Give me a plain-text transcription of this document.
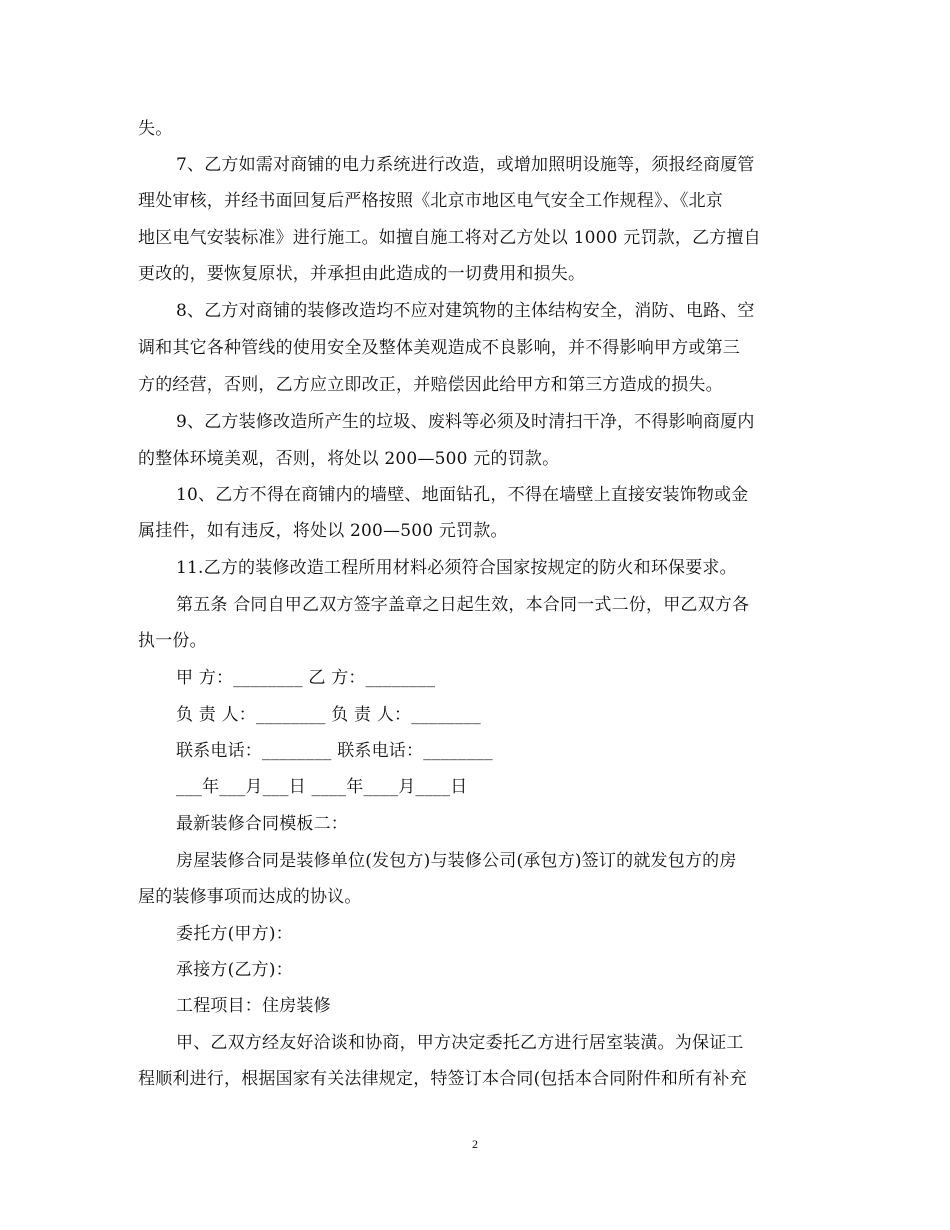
失。
7、乙方如需对商铺的电力系统进行改造，或增加照明设施等，须报经商厦管
理处审核，并经书面回复后严格按照《北京市地区电气安全工作规程》、《北京
地区电气安装标准》进行施工。如擅自施工将对乙方处以 1000 元罚款，乙方擅自
更改的，要恢复原状，并承担由此造成的一切费用和损失。
8、乙方对商铺的装修改造均不应对建筑物的主体结构安全，消防、电路、空
调和其它各种管线的使用安全及整体美观造成不良影响，并不得影响甲方或第三
方的经营，否则，乙方应立即改正，并赔偿因此给甲方和第三方造成的损失。
9、乙方装修改造所产生的垃圾、废料等必须及时清扫干净，不得影响商厦内
的整体环境美观，否则，将处以 200—500 元的罚款。
10、乙方不得在商铺内的墙壁、地面钻孔，不得在墙壁上直接安装饰物或金
属挂件，如有违反，将处以 200—500 元罚款。
11.乙方的装修改造工程所用材料必须符合国家按规定的防火和环保要求。
第五条 合同自甲乙双方签字盖章之日起生效，本合同一式二份，甲乙双方各
执一份。
甲 方：________ 乙 方：________
负 责 人：________ 负 责 人：________
联系电话：________ 联系电话：________
___年___月___日 ____年____月____日
最新装修合同模板二：
房屋装修合同是装修单位(发包方)与装修公司(承包方)签订的就发包方的房
屋的装修事项而达成的协议。
委托方(甲方)：
承接方(乙方)：
工程项目：住房装修
甲、乙双方经友好洽谈和协商，甲方决定委托乙方进行居室装潢。为保证工
程顺利进行，根据国家有关法律规定，特签订本合同(包括本合同附件和所有补充
2
